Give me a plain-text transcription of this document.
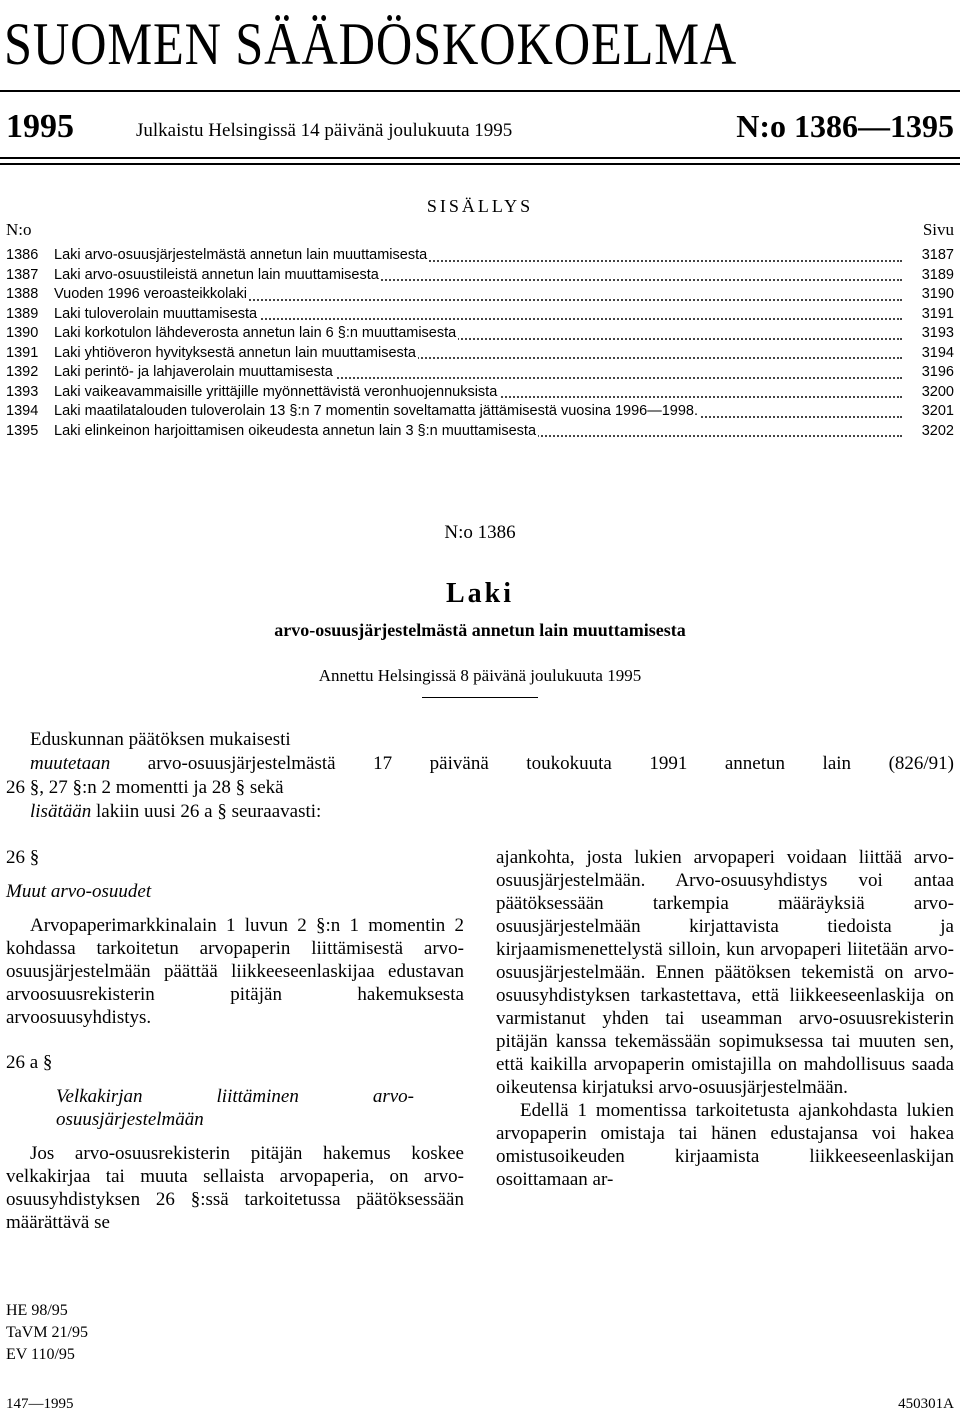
SUOMEN SÄÄDÖSKOKOELMA
1995	Julkaistu Helsingissä 14 päivänä joulukuuta 1995	N:o 1386—1395
SISÄLLYS
N:o	Sivu
1386	Laki arvo-osuusjärjestelmästä annetun lain muuttamisesta	3187
1387	Laki arvo-osuustileistä annetun lain muuttamisesta	3189
1388	Vuoden 1996 veroasteikkolaki	3190
1389	Laki tuloverolain muuttamisesta	3191
1390	Laki korkotulon lähdeverosta annetun lain 6 §:n muuttamisesta	3193
1391	Laki yhtiöveron hyvityksestä annetun lain muuttamisesta	3194
1392	Laki perintö- ja lahjaverolain muuttamisesta	3196
1393	Laki vaikeavammaisille yrittäjille myönnettävistä veronhuojennuksista	3200
1394	Laki maatilatalouden tuloverolain 13 §:n 7 momentin soveltamatta jättämisestä vuosina 1996—1998.	3201
1395	Laki elinkeinon harjoittamisen oikeudesta annetun lain 3 §:n muuttamisesta	3202
N:o 1386
Laki
arvo-osuusjärjestelmästä annetun lain muuttamisesta
Annettu Helsingissä 8 päivänä joulukuuta 1995

Eduskunnan päätöksen mukaisesti

muutetaan arvo-osuusjärjestelmästä 17 päivänä toukokuuta 1991 annetun lain (826/91)

26 §, 27 §:n 2 momentti ja 28 § sekä

lisätään lakiin uusi 26 a § seuraavasti:

26 §

Muut arvo-osuudet

Arvopaperimarkkinalain 1 luvun 2 §:n 1 momentin 2 kohdassa tarkoitetun arvopaperin liittämisestä arvo-osuusjärjestelmään päättää liikkeeseenlaskijaa edustavan arvoosuusrekisterin pitäjän hakemuksesta arvoosuusyhdistys.

26 a §

Velkakirjan liittäminen arvo-osuusjärjestelmään

Jos arvo-osuusrekisterin pitäjän hakemus koskee velkakirjaa tai muuta sellaista arvopaperia, on arvo-osuusyhdistyksen 26 §:ssä tarkoitetussa päätöksessään määrättävä se

ajankohta, josta lukien arvopaperi voidaan liittää arvo-osuusjärjestelmään. Arvo-osuusyhdistys voi antaa päätöksessään tarkempia määräyksiä arvo-osuusjärjestelmään kirjattavista tiedoista ja kirjaamismenettelystä silloin, kun arvopaperi liitetään arvo-osuusjärjestelmään. Ennen päätöksen tekemistä on arvo-osuusyhdistyksen tarkastettava, että liikkeeseenlaskija on varmistanut yhden tai useamman arvo-osuusrekisterin pitäjän kanssa tekemässään sopimuksessa tai muuten sen, että kaikilla arvopaperin omistajilla on mahdollisuus saada oikeutensa kirjatuksi arvo-osuusjärjestelmään.

Edellä 1 momentissa tarkoitetusta ajankohdasta lukien arvopaperin omistaja tai hänen edustajansa voi hakea omistusoikeuden kirjaamista liikkeeseenlaskijan osoittamaan ar-

HE 98/95
TaVM 21/95
EV 110/95
147—1995	450301A
